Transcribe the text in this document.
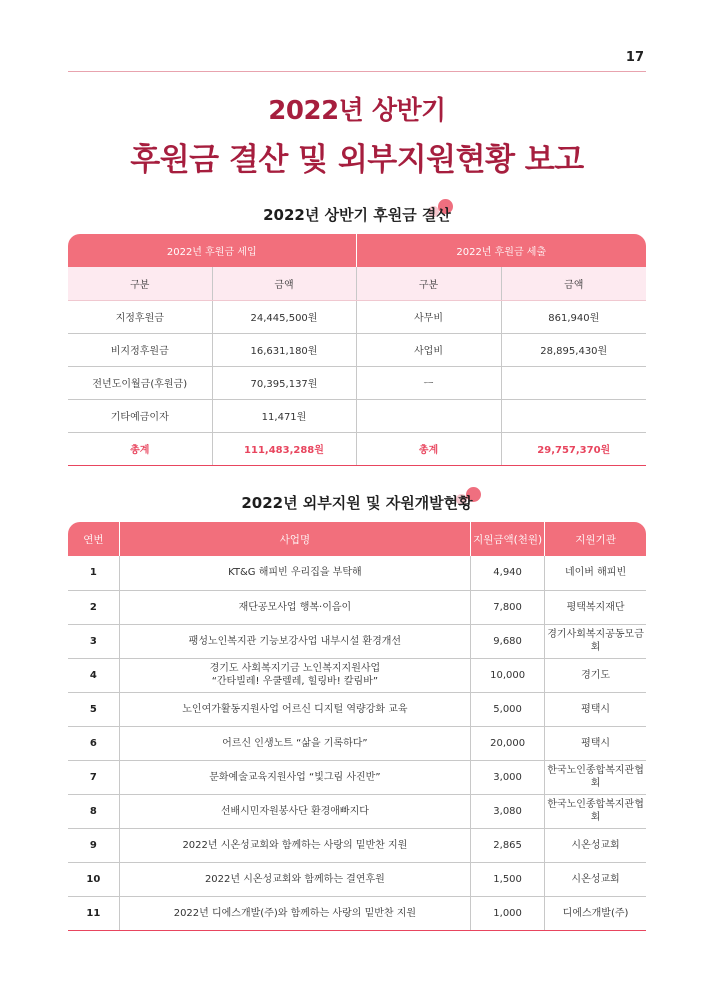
17
2022년 상반기
후원금 결산 및 외부지원현황 보고
2022년 상반기 후원금 결산
2022년 후원금 세입		2022년 후원금 세출	
구분	금액	구분	금액
지정후원금	24,445,500원	사무비	861,940원
비지정후원금	16,631,180원	사업비	28,895,430원
전년도이월금(후원금)	70,395,137원	ㅡ	
기타예금이자	11,471원		
총계	111,483,288원	총계	29,757,370원
2022년 외부지원 및 자원개발현황
연번	사업명	지원금액(천원)	지원기관
1	KT&G 해피빈 우리집을 부탁해	4,940	네이버 해피빈
2	재단공모사업 행복·이음이	7,800	평택복지재단
3	팽성노인복지관 기능보강사업 내부시설 환경개선	9,680	경기사회복지공동모금회
4	경기도 사회복지기금 노인복지지원사업
“간타빌레! 우쿨렐레, 힐링바! 칼림바”	10,000	경기도
5	노인여가활동지원사업 어르신 디지털 역량강화 교육	5,000	평택시
6	어르신 인생노트 “삶을 기록하다”	20,000	평택시
7	문화예술교육지원사업 “빛그림 사진반”	3,000	한국노인종합복지관협회
8	선배시민자원봉사단 환경애빠지다	3,080	한국노인종합복지관협회
9	2022년 시온성교회와 함께하는 사랑의 밑반찬 지원	2,865	시온성교회
10	2022년 시온성교회와 함께하는 결연후원	1,500	시온성교회
11	2022년 디에스개발(주)와 함께하는 사랑의 밑반찬 지원	1,000	디에스개발(주)
